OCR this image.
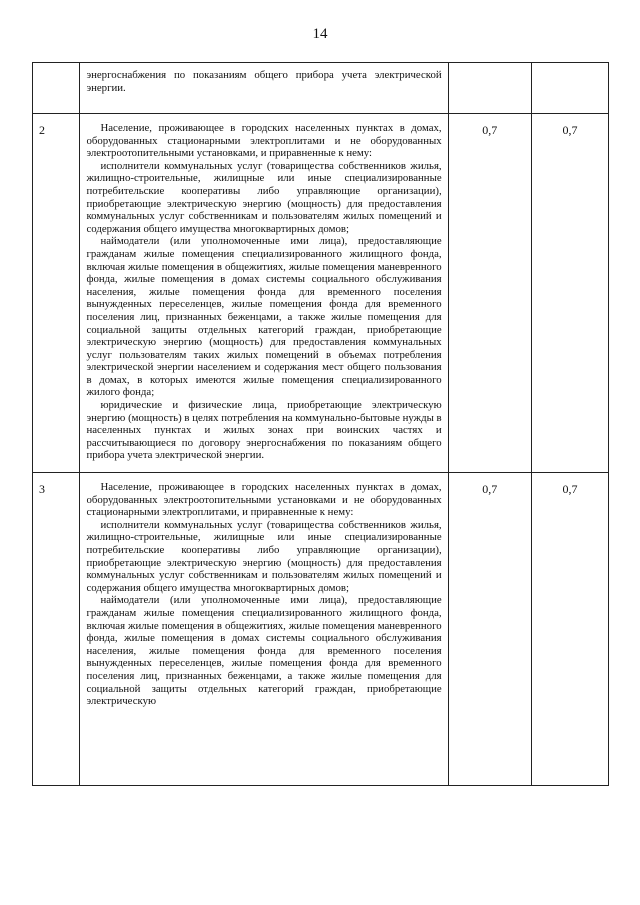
14

	энергоснабжения по показаниям общего прибора учета электрической энергии.		

2	Население, проживающее в городских населенных пунктах в домах, оборудованных стационарными электроплитами и не оборудованных электроотопительными установками, и приравненные к нему:

исполнители коммунальных услуг (товарищества собственников жилья, жилищно-строительные, жилищные или иные специализированные потребительские кооперативы либо управляющие организации), приобретающие электрическую энергию (мощность) для предоставления коммунальных услуг собственникам и пользователям жилых помещений и содержания общего имущества многоквартирных домов;

наймодатели (или уполномоченные ими лица), предоставляющие гражданам жилые помещения специализированного жилищного фонда, включая жилые помещения в общежитиях, жилые помещения маневренного фонда, жилые помещения в домах системы социального обслуживания населения, жилые помещения фонда для временного поселения вынужденных переселенцев, жилые помещения фонда для временного поселения лиц, признанных беженцами, а также жилые помещения для социальной защиты отдельных категорий граждан, приобретающие электрическую энергию (мощность) для предоставления коммунальных услуг пользователям таких жилых помещений в объемах потребления электрической энергии населением и содержания мест общего пользования в домах, в которых имеются жилые помещения специализированного жилого фонда;

юридические и физические лица, приобретающие электрическую энергию (мощность) в целях потребления на коммунально-бытовые нужды в населенных пунктах и жилых зонах при воинских частях и рассчитывающиеся по договору энергоснабжения по показаниям общего прибора учета электрической энергии.	0,7	0,7
3	Население, проживающее в городских населенных пунктах в домах, оборудованных электроотопительными установками и не оборудованных стационарными электроплитами, и приравненные к нему:

исполнители коммунальных услуг (товарищества собственников жилья, жилищно-строительные, жилищные или иные специализированные потребительские кооперативы либо управляющие организации), приобретающие электрическую энергию (мощность) для предоставления коммунальных услуг собственникам и пользователям жилых помещений и содержания общего имущества многоквартирных домов;

наймодатели (или уполномоченные ими лица), предоставляющие гражданам жилые помещения специализированного жилищного фонда, включая жилые помещения в общежитиях, жилые помещения маневренного фонда, жилые помещения в домах системы социального обслуживания населения, жилые помещения фонда для временного поселения вынужденных переселенцев, жилые помещения фонда для временного поселения лиц, признанных беженцами, а также жилые помещения для социальной защиты отдельных категорий граждан, приобретающие электрическую	0,7	0,7
